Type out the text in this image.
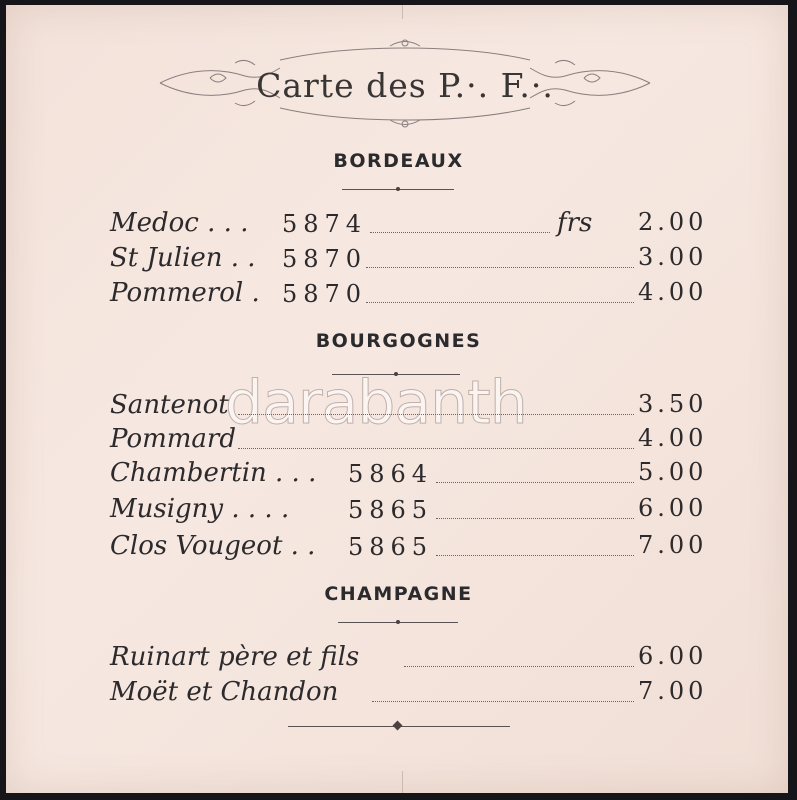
Carte des P.·. F.·.
BORDEAUX
Medoc . . . 5874	frs 2.00
St Julien . . 5870	3.00
Pommerol . 5870	4.00
BOURGOGNES
darabanth
Santenot	3.50
Pommard	4.00
Chambertin . . . 5864	5.00
Musigny . . . . 5865	6.00
Clos Vougeot . . 5865	7.00
CHAMPAGNE
Ruinart père et fils	6.00
Moët et Chandon	7.00
